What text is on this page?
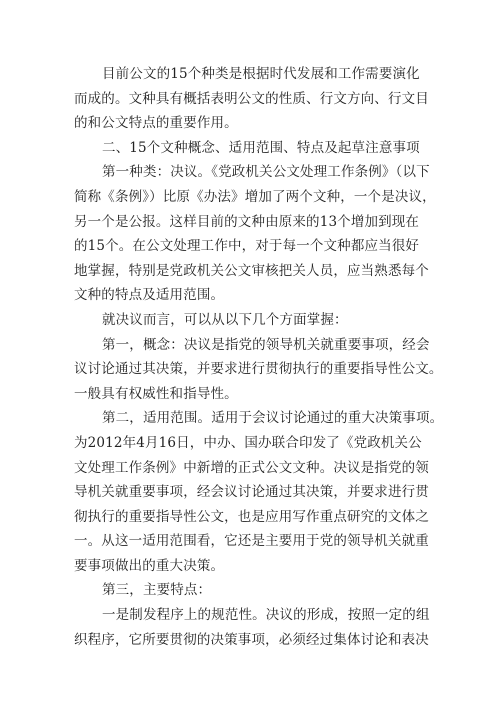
目前公文的15个种类是根据时代发展和工作需要演化
而成的。文种具有概括表明公文的性质、行文方向、行文目
的和公文特点的重要作用。
二、15个文种概念、适用范围、特点及起草注意事项
第一种类：决议。《党政机关公文处理工作条例》（以下
简称《条例》）比原《办法》增加了两个文种，一个是决议，
另一个是公报。这样目前的文种由原来的13个增加到现在
的15个。在公文处理工作中，对于每一个文种都应当很好
地掌握，特别是党政机关公文审核把关人员，应当熟悉每个
文种的特点及适用范围。
就决议而言，可以从以下几个方面掌握：
第一，概念：决议是指党的领导机关就重要事项，经会
议讨论通过其决策，并要求进行贯彻执行的重要指导性公文。
一般具有权威性和指导性。
第二，适用范围。适用于会议讨论通过的重大决策事项。
为2012年4月16日，中办、国办联合印发了《党政机关公
文处理工作条例》中新增的正式公文文种。决议是指党的领
导机关就重要事项，经会议讨论通过其决策，并要求进行贯
彻执行的重要指导性公文，也是应用写作重点研究的文体之
一。从这一适用范围看，它还是主要用于党的领导机关就重
要事项做出的重大决策。
第三，主要特点：
一是制发程序上的规范性。决议的形成，按照一定的组
织程序，它所要贯彻的决策事项，必须经过集体讨论和表决
